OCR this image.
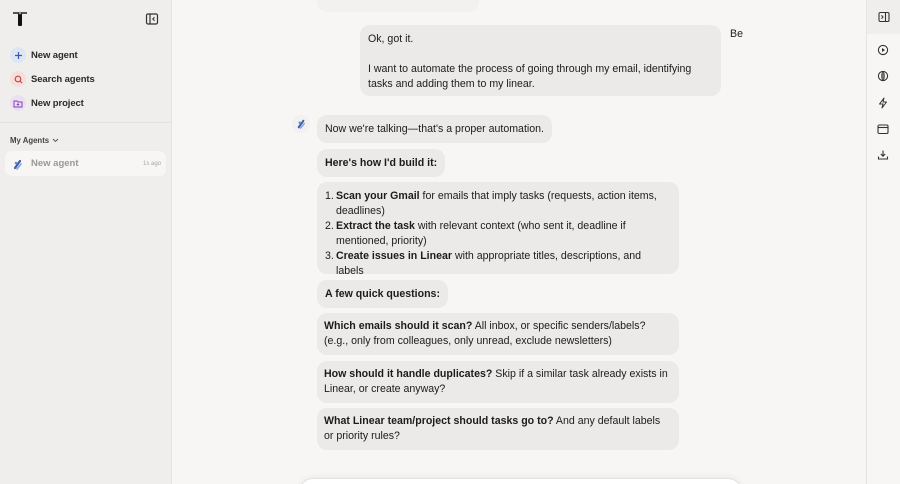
New agent
Search agents
New project
My Agents
New agent	1s ago
Ok, got it.
I want to automate the process of going through my email, identifying tasks and adding them to my linear.
Be
Now we're talking—that's a proper automation.
Here's how I'd build it:
1. Scan your Gmail for emails that imply tasks (requests, action items, deadlines)
2. Extract the task with relevant context (who sent it, deadline if mentioned, priority)
3. Create issues in Linear with appropriate titles, descriptions, and labels
A few quick questions:
Which emails should it scan? All inbox, or specific senders/labels? (e.g., only from colleagues, only unread, exclude newsletters)
How should it handle duplicates? Skip if a similar task already exists in Linear, or create anyway?
What Linear team/project should tasks go to? And any default labels or priority rules?
